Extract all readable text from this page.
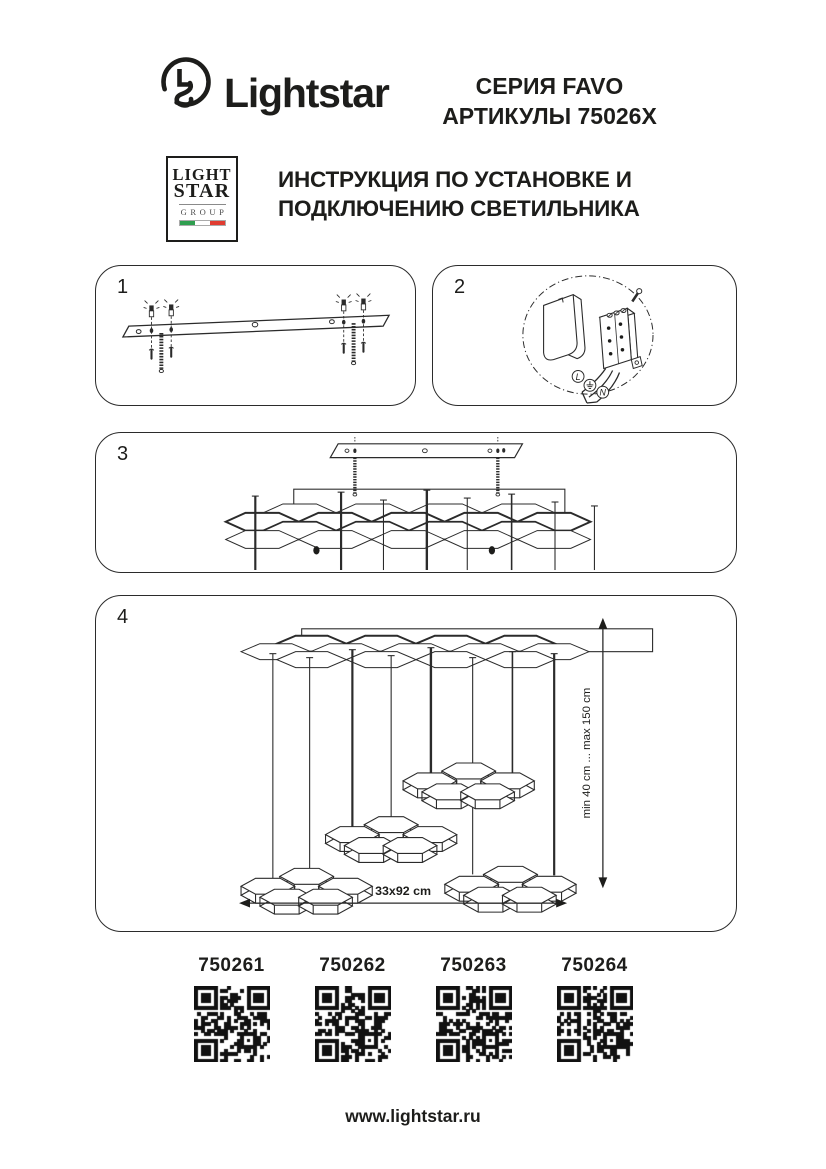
Lightstar	СЕРИЯ FAVO
АРТИКУЛЫ 75026X
LIGHT
STAR
GROUP
ИНСТРУКЦИЯ ПО УСТАНОВКЕ И
ПОДКЛЮЧЕНИЮ СВЕТИЛЬНИКА
1	2
L
N
3
4
min 40 cm ... max 150 cm
33x92 cm
750261	750262	750263	750264
www.lightstar.ru
